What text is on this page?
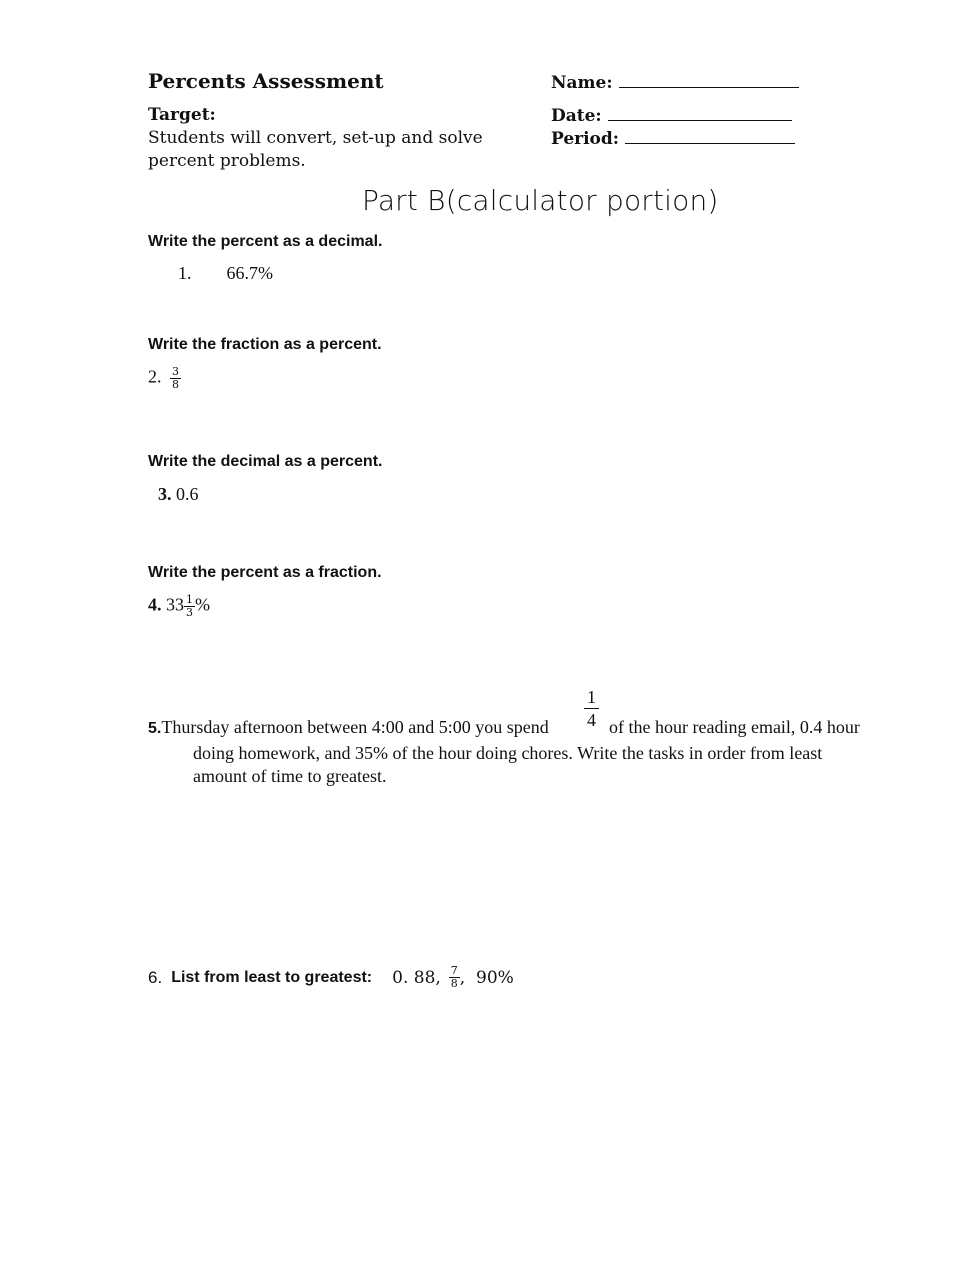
Percents Assessment
Target:
Students will convert, set-up and solve
percent problems.
Name:
Date:
Period:
Part B(calculator portion)
Write the percent as a decimal.
1. 66.7%
Write the fraction as a percent.
2. $\frac{3}{8}$
Write the decimal as a percent.
3. 0.6
Write the percent as a fraction.
4. $33 \frac{1}{3}$ %
5.Thursday afternoon between 4:00 and 5:00 you spend $\frac{1}{4}$ of the hour reading email, 0.4 hour
doing homework, and 35% of the hour doing chores. Write the tasks in order from least
amount of time to greatest.
6. List from least to greatest: 0. 88, $\frac{7}{8}$ ,  90%
